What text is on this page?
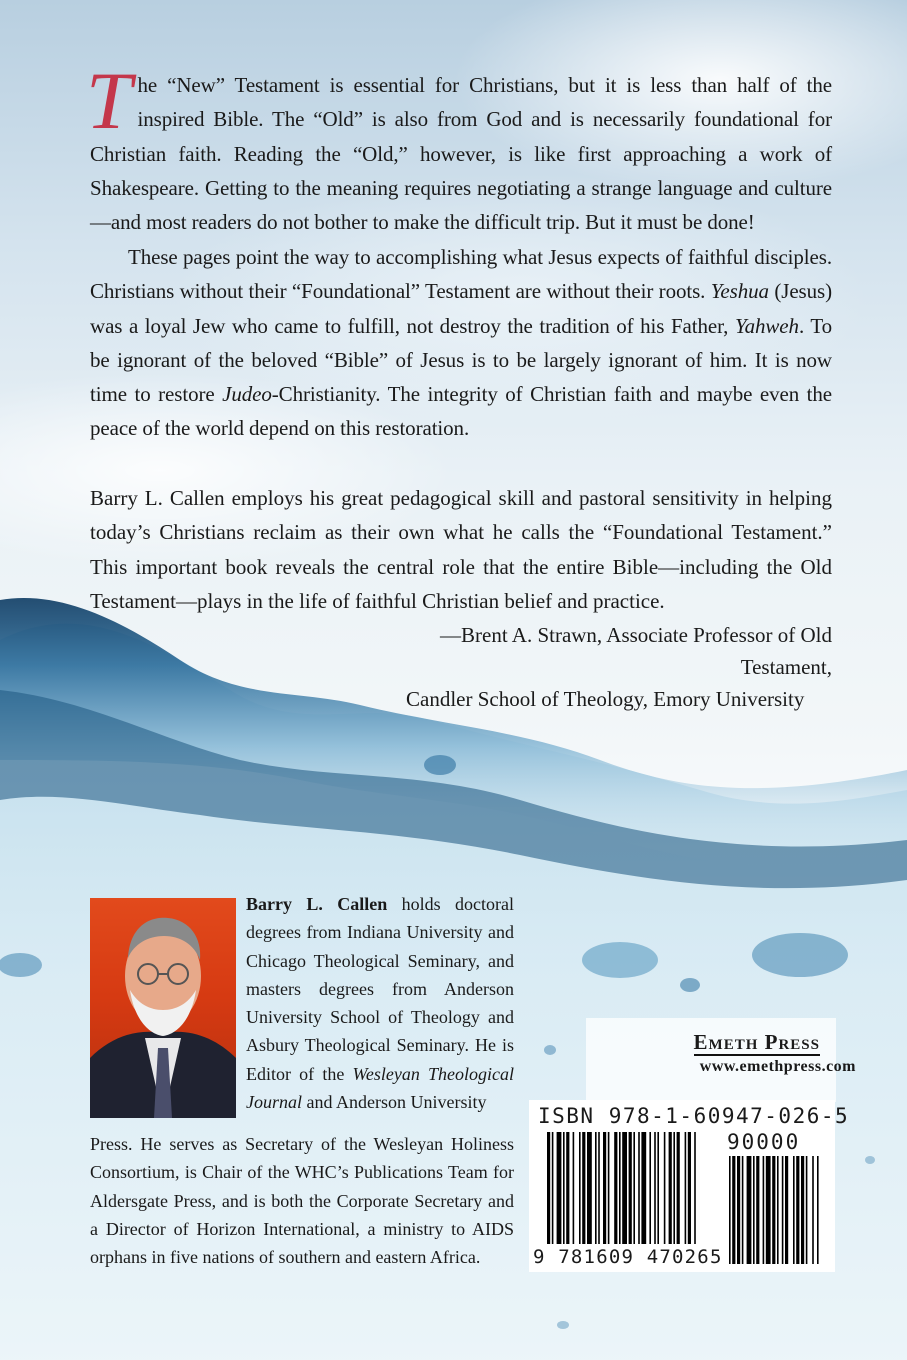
The “New” Testament is essential for Christians, but it is less than half of the inspired Bible. The “Old” is also from God and is necessarily foundational for Christian faith. Reading the “Old,” however, is like first approaching a work of Shakespeare. Getting to the meaning requires negotiating a strange language and culture—and most readers do not bother to make the difficult trip. But it must be done!

These pages point the way to accomplishing what Jesus expects of faithful disciples. Christians without their “Foundational” Testament are without their roots. Yeshua (Jesus) was a loyal Jew who came to fulfill, not destroy the tradition of his Father, Yahweh. To be ignorant of the beloved “Bible” of Jesus is to be largely ignorant of him. It is now time to restore Judeo-Christianity. The integrity of Christian faith and maybe even the peace of the world depend on this restoration.

Barry L. Callen employs his great pedagogical skill and pastoral sensitivity in helping today’s Christians reclaim as their own what he calls the “Foundational Testament.” This important book reveals the central role that the entire Bible—including the Old Testament—plays in the life of faithful Christian belief and practice.

—Brent A. Strawn, Associate Professor of Old Testament,
Candler School of Theology, Emory University

Barry L. Callen holds doctoral degrees from Indiana University and Chicago Theological Seminary, and masters degrees from Anderson University School of Theology and Asbury Theological Seminary. He is Editor of the Wesleyan Theological Journal and Anderson University

Press. He serves as Secretary of the Wesleyan Holiness Consortium, is Chair of the WHC’s Publications Team for Aldersgate Press, and is both the Corporate Secretary and a Director of Horizon International, a ministry to AIDS orphans in five nations of southern and eastern Africa.

Emeth Press
www.emethpress.com
ISBN 978-1-60947-026-5
90000
9 781609 470265
